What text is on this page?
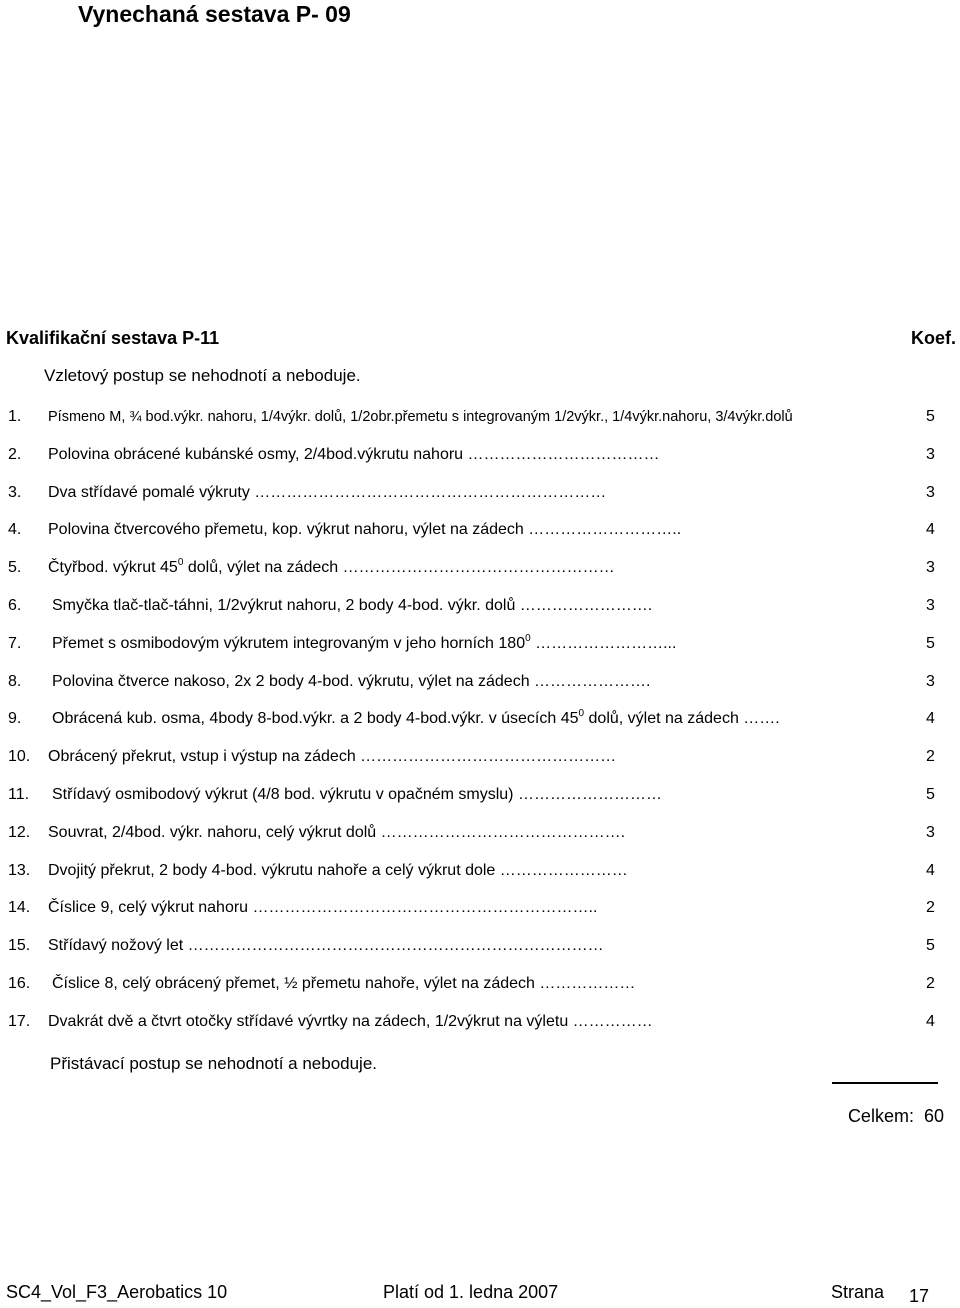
Vynechaná sestava P- 09
Kvalifikační sestava P-11	Koef.
Vzletový postup se nehodnotí a neboduje.
1. Písmeno M, ¾ bod.výkr. nahoru, 1/4výkr. dolů, 1/2obr.přemetu s integrovaným 1/2výkr., 1/4výkr.nahoru, 3/4výkr.dolů	5
2. Polovina obrácené kubánské osmy, 2/4bod.výkrutu nahoru ………………………………	3
3. Dva střídavé pomalé výkruty …………………………………………………………	3
4. Polovina čtvercového přemetu, kop. výkrut nahoru, výlet na zádech ………………………..	4
5. Čtyřbod. výkrut $45^0$ dolů, výlet na zádech ……………………………………………	3
6. Smyčka tlač-tlač-táhni, 1/2výkrut nahoru, 2 body 4-bod. výkr. dolů …………………….	3
7. Přemet s osmibodovým výkrutem integrovaným v jeho horních $180^0$ ……………………...	5
8. Polovina čtverce nakoso, 2x 2 body 4-bod. výkrutu, výlet na zádech ………………….	3
9. Obrácená kub. osma, 4body 8-bod.výkr. a 2 body 4-bod.výkr. v úsecích $45^0$ dolů, výlet na zádech …….	4
10. Obrácený překrut, vstup i výstup na zádech …………………………………………	2
11. Střídavý osmibodový výkrut (4/8 bod. výkrutu v opačném smyslu) ………………………	5
12. Souvrat, 2/4bod. výkr. nahoru, celý výkrut dolů ……………………………………….	3
13. Dvojitý překrut, 2 body 4-bod. výkrutu nahoře a celý výkrut dole ……………………	4
14. Číslice 9, celý výkrut nahoru ………………………………………………………..	2
15. Střídavý nožový let ……………………………………………………………………	5
16. Číslice 8, celý obrácený přemet, ½ přemetu nahoře, výlet na zádech ………………	2
17. Dvakrát dvě a čtvrt otočky střídavé vývrtky na zádech, 1/2výkrut na výletu ……………	4
Přistávací postup se nehodnotí a neboduje.
Celkem: 60
SC4_Vol_F3_Aerobatics 10	Platí od 1. ledna 2007	Strana 17
